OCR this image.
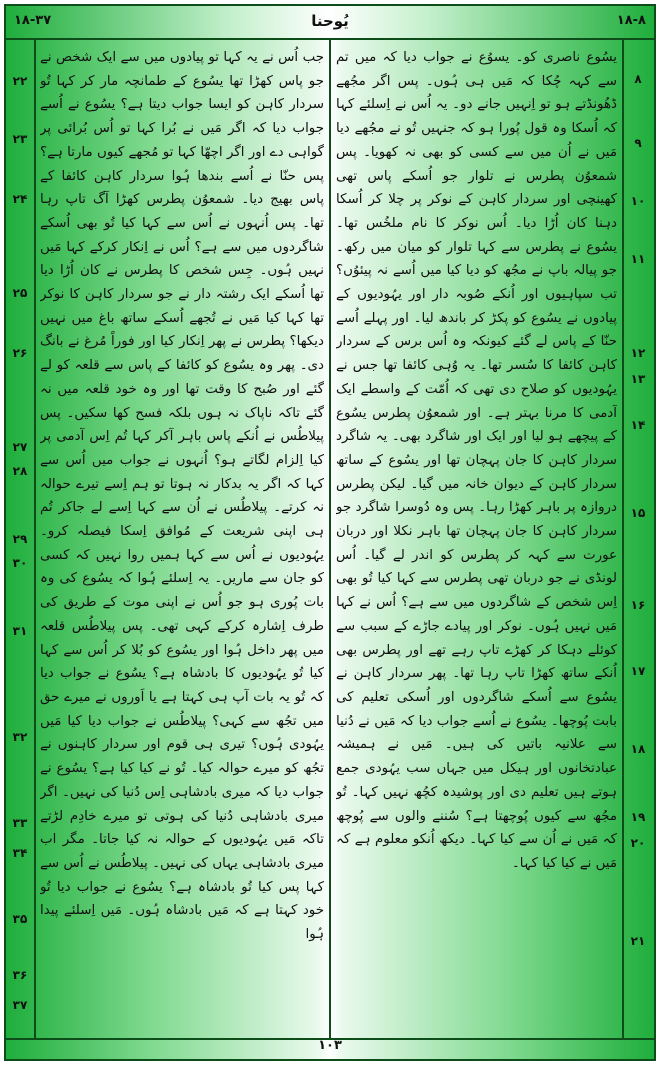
۱۸-۳۷	یُوحنا	۱۸-۸
۲۲
۲۳
۲۴
۲۵
۲۶
۲۷
۲۸
۲۹
۳۰
۳۱
۳۲
۳۳
۳۴
۳۵
۳۶
۳۷
۸
۹
۱۰
۱۱
۱۲
۱۳
۱۴
۱۵
۱۶
۱۷
۱۸
۱۹
۲۰
۲۱

جب اُس نے یہ کہا تو پیادوں میں سے ایک شخص نے جو پاس کھڑا تھا یسُوع کے طمانچہ مار کر کہا تُو سردار کاہن کو ایسا جواب دیتا ہے؟ یسُوع نے اُسے جواب دیا کہ اگر مَیں نے بُرا کہا تو اُس بُرائی پر گواہی دے اور اگر اچھّا کہا تو مُجھے کیوں مارتا ہے؟ پس حنّا نے اُسے بندھا ہُوا سردار کاہن کائفا کے پاس بھیج دیا۔ شمعوُن پطرس کھڑا آگ تاپ رہا تھا۔ پس اُنہوں نے اُس سے کہا کیا تُو بھی اُسکے شاگردوں میں سے ہے؟ اُس نے اِنکار کرکے کہا مَیں نہیں ہُوں۔ جِس شخص کا پطرس نے کان اُڑا دیا تھا اُسکے ایک رشتہ دار نے جو سردار کاہن کا نوکر تھا کہا کیا مَیں نے تُجھے اُسکے ساتھ باغ میں نہیں دیکھا؟ پطرس نے پھر اِنکار کیا اور فوراً مُرغ نے بانگ دی۔ پھر وہ یسُوع کو کائفا کے پاس سے قلعہ کو لے گئے اور صُبح کا وقت تھا اور وہ خود قلعہ میں نہ گئے تاکہ ناپاک نہ ہوں بلکہ فسح کھا سکیں۔ پس پیلاطُس نے اُنکے پاس باہر آکر کہا تُم اِس آدمی پر کیا اِلزام لگاتے ہو؟ اُنہوں نے جواب میں اُس سے کہا کہ اگر یہ بدکار نہ ہوتا تو ہم اِسے تیرے حوالہ نہ کرتے۔ پیلاطُس نے اُن سے کہا اِسے لے جاکر تُم ہی اپنی شریعت کے مُوافق اِسکا فیصلہ کرو۔ یہُودیوں نے اُس سے کہا ہمیں روا نہیں کہ کسی کو جان سے ماریں۔ یہ اِسلئے ہُوا کہ یسُوع کی وہ بات پُوری ہو جو اُس نے اپنی موت کے طریق کی طرف اِشارہ کرکے کہی تھی۔ پس پیلاطُس قلعہ میں پھر داخل ہُوا اور یسُوع کو بُلا کر اُس سے کہا کیا تُو یہُودیوں کا بادشاہ ہے؟ یسُوع نے جواب دیا کہ تُو یہ بات آپ ہی کہتا ہے یا اَوروں نے میرے حق میں تجُھ سے کہی؟ پیلاطُس نے جواب دیا کیا مَیں یہُودی ہُوں؟ تیری ہی قوم اور سردار کاہنوں نے تجُھ کو میرے حوالہ کیا۔ تُو نے کیا کیا ہے؟ یسُوع نے جواب دیا کہ میری بادشاہی اِس دُنیا کی نہیں۔ اگر میری بادشاہی دُنیا کی ہوتی تو میرے خادِم لڑتے تاکہ مَیں یہُودیوں کے حوالہ نہ کیا جاتا۔ مگر اب میری بادشاہی یہاں کی نہیں۔ پیلاطُس نے اُس سے کہا پس کیا تُو بادشاہ ہے؟ یسُوع نے جواب دیا تُو خود کہتا ہے کہ مَیں بادشاہ ہُوں۔ مَیں اِسلئے پیدا ہُوا

یسُوع ناصری کو۔ یسوُع نے جواب دیا کہ میں تم سے کہہ چُکا کہ مَیں ہی ہُوں۔ پس اگر مجُھے ڈھُونڈتے ہو تو اِنہیں جانے دو۔ یہ اُس نے اِسلئے کہا کہ اُسکا وہ قول پُورا ہو کہ جنہیں تُو نے مجُھے دیا مَیں نے اُن میں سے کسی کو بھی نہ کھویا۔ پس شمعوُن پطرس نے تلوار جو اُسکے پاس تھی کھینچی اور سردار کاہن کے نوکر پر چلا کر اُسکا دہنا کان اُڑا دیا۔ اُس نوکر کا نام ملخُس تھا۔ یسُوع نے پطرس سے کہا تلوار کو میان میں رکھ۔ جو پیالہ باپ نے مجُھ کو دیا کیا میں اُسے نہ پیئوُں؟ تب سپاہیوں اور اُنکے صُوبہ دار اور یہُودیوں کے پیادوں نے یسُوع کو پکڑ کر باندھ لیا۔ اور پہلے اُسے حنّا کے پاس لے گئے کیونکہ وہ اُس برس کے سردار کاہن کائفا کا سُسر تھا۔ یہ وُہی کائفا تھا جس نے یہُودیوں کو صلاح دی تھی کہ اُمّت کے واسطے ایک آدمی کا مرنا بہتر ہے۔ اور شمعوُن پطرس یسُوع کے پیچھے ہو لیا اور ایک اور شاگرد بھی۔ یہ شاگرد سردار کاہن کا جان پہچان تھا اور یسُوع کے ساتھ سردار کاہن کے دیوان خانہ میں گیا۔ لیکن پطرس دروازہ پر باہر کھڑا رہا۔ پس وہ دُوسرا شاگرد جو سردار کاہن کا جان پہچان تھا باہر نکلا اور دربان عورت سے کہہ کر پطرس کو اندر لے گیا۔ اُس لونڈی نے جو دربان تھی پطرس سے کہا کیا تُو بھی اِس شخص کے شاگردوں میں سے ہے؟ اُس نے کہا مَیں نہیں ہُوں۔ نوکر اور پیادے جاڑے کے سبب سے کوئلے دہکا کر کھڑے تاپ رہے تھے اور پطرس بھی اُنکے ساتھ کھڑا تاپ رہا تھا۔ پھر سردار کاہن نے یسُوع سے اُسکے شاگردوں اور اُسکی تعلیم کی بابت پُوچھا۔ یسُوع نے اُسے جواب دیا کہ مَیں نے دُنیا سے علانیہ باتیں کی ہیں۔ مَیں نے ہمیشہ عبادتخانوں اور ہیکل میں جہاں سب یہُودی جمع ہوتے ہیں تعلیم دی اور پوشیدہ کچُھ نہیں کہا۔ تُو مجُھ سے کیوں پُوچھتا ہے؟ سُننے والوں سے پُوچھ کہ مَیں نے اُن سے کیا کہا۔ دیکھ اُنکو معلوم ہے کہ مَیں نے کیا کیا کہا۔

۱۰۳
